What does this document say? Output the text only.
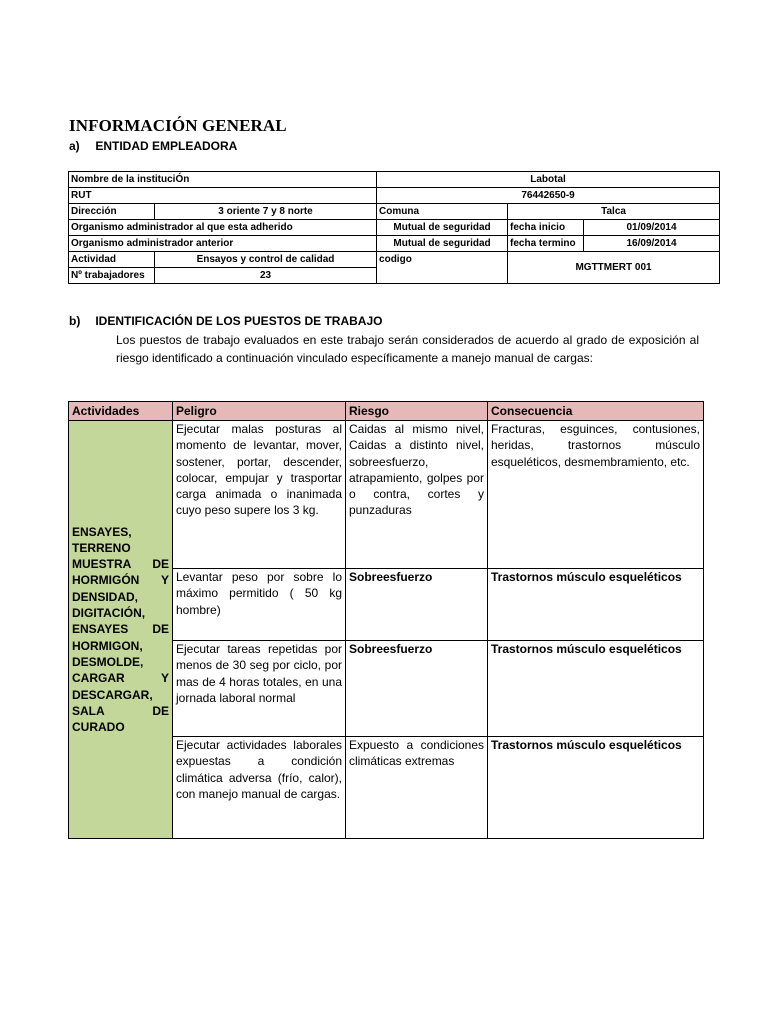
INFORMACIÓN GENERAL
a) ENTIDAD EMPLEADORA
Nombre de la instituciÓn		Labotal		
RUT		76442650-9		
Dirección	3 oriente 7 y 8 norte	Comuna	Talca	
Organismo administrador al que esta adherido		Mutual de seguridad	fecha inicio	01/09/2014
Organismo administrador anterior		Mutual de seguridad	fecha termino	16/09/2014
Actividad	Ensayos y control de calidad	codigo	MGTTMERT 001	
Nº trabajadores	23			
b) IDENTIFICACIÓN DE LOS PUESTOS DE TRABAJO
Los puestos de trabajo evaluados en este trabajo serán considerados de acuerdo al grado de exposición al riesgo identificado a continuación vinculado específicamente a manejo manual de cargas:
Actividades	Peligro	Riesgo	Consecuencia
ENSAYES, TERRENO MUESTRA DE HORMIGÓN Y DENSIDAD, DIGITACIÓN, ENSAYES DE HORMIGON, DESMOLDE, CARGAR Y DESCARGAR, SALA DE CURADO	Ejecutar malas posturas al momento de levantar, mover, sostener, portar, descender, colocar, empujar y trasportar carga animada o inanimada cuyo peso supere los 3 kg.	Caidas al mismo nivel, Caidas a distinto nivel, sobreesfuerzo, atrapamiento, golpes por o contra, cortes y punzaduras	Fracturas, esguinces, contusiones, heridas, trastornos músculo esqueléticos, desmembramiento, etc.
	Levantar peso por sobre lo máximo permitido ( 50 kg hombre)	Sobreesfuerzo	Trastornos músculo esqueléticos
	Ejecutar tareas repetidas por menos de 30 seg por ciclo, por mas de 4 horas totales, en una jornada laboral normal	Sobreesfuerzo	Trastornos músculo esqueléticos
	Ejecutar actividades laborales expuestas a condición climática adversa (frío, calor), con manejo manual de cargas.	Expuesto a condiciones climáticas extremas	Trastornos músculo esqueléticos
